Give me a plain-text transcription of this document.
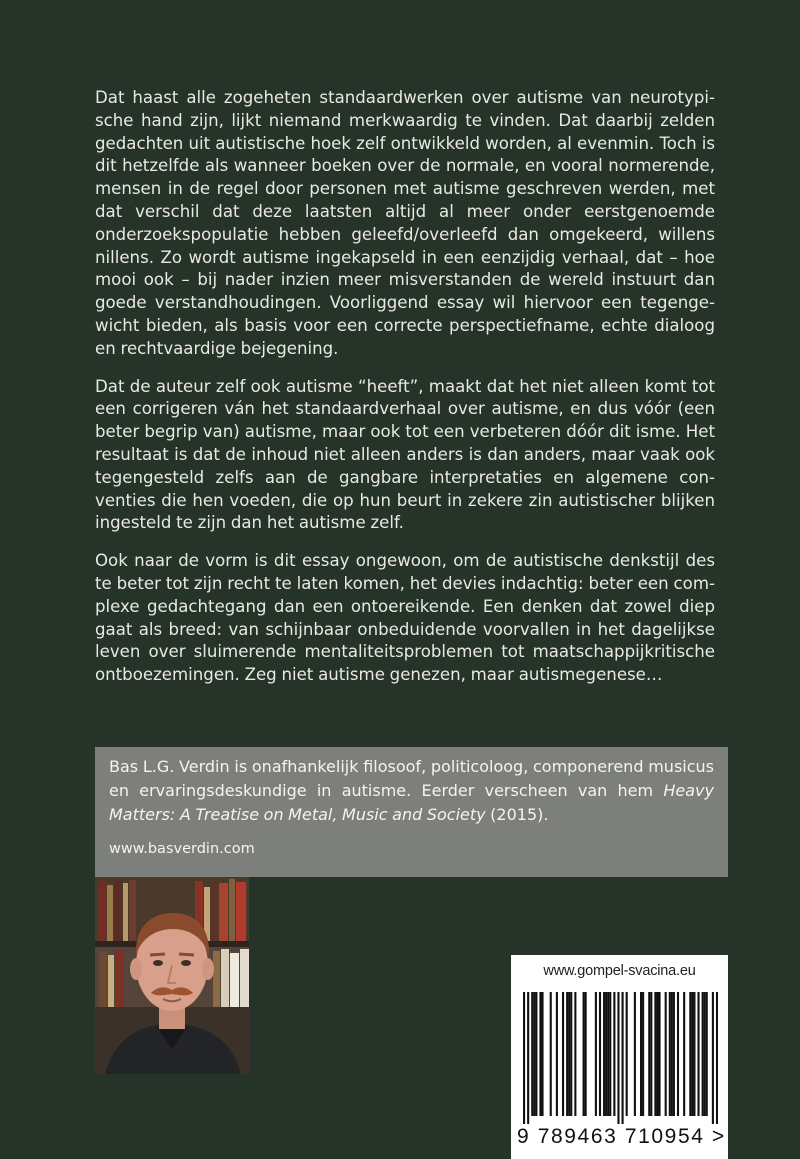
Dat haast alle zogeheten standaardwerken over autisme van neurotypische hand zijn, lijkt niemand merkwaardig te vinden. Dat daarbij zelden gedachten uit autistische hoek zelf ontwikkeld worden, al evenmin. Toch is dit hetzelfde als wanneer boeken over de normale, en vooral normerende, mensen in de regel door personen met autisme geschreven werden, met dat verschil dat deze laatsten altijd al meer onder eerstgenoemde onderzoekspopulatie hebben geleefd/overleefd dan omgekeerd, willens nillens. Zo wordt autisme ingekapseld in een eenzijdig verhaal, dat – hoe mooi ook – bij nader inzien meer misverstanden de wereld instuurt dan goede verstandhoudingen. Voorliggend essay wil hiervoor een tegengewicht bieden, als basis voor een correcte perspectiefname, echte dialoog en rechtvaardige bejegening.

Dat de auteur zelf ook autisme “heeft”, maakt dat het niet alleen komt tot een corrigeren ván het standaardverhaal over autisme, en dus vóór (een beter begrip van) autisme, maar ook tot een verbeteren dóór dit isme. Het resultaat is dat de inhoud niet alleen anders is dan anders, maar vaak ook tegengesteld zelfs aan de gangbare interpretaties en algemene conventies die hen voeden, die op hun beurt in zekere zin autistischer blijken ingesteld te zijn dan het autisme zelf.

Ook naar de vorm is dit essay ongewoon, om de autistische denkstijl des te beter tot zijn recht te laten komen, het devies indachtig: beter een complexe gedachtegang dan een ontoereikende. Een denken dat zowel diep gaat als breed: van schijnbaar onbeduidende voorvallen in het dagelijkse leven over sluimerende mentaliteitsproblemen tot maatschappijkritische ontboezemingen. Zeg niet autisme genezen, maar autismegenese…

Bas L.G. Verdin is onafhankelijk filosoof, politicoloog, componerend musicus en ervaringsdeskundige in autisme. Eerder verscheen van hem Heavy Matters: A Treatise on Metal, Music and Society (2015).

www.basverdin.com

www.gompel-svacina.eu
9 789463 710954 >
